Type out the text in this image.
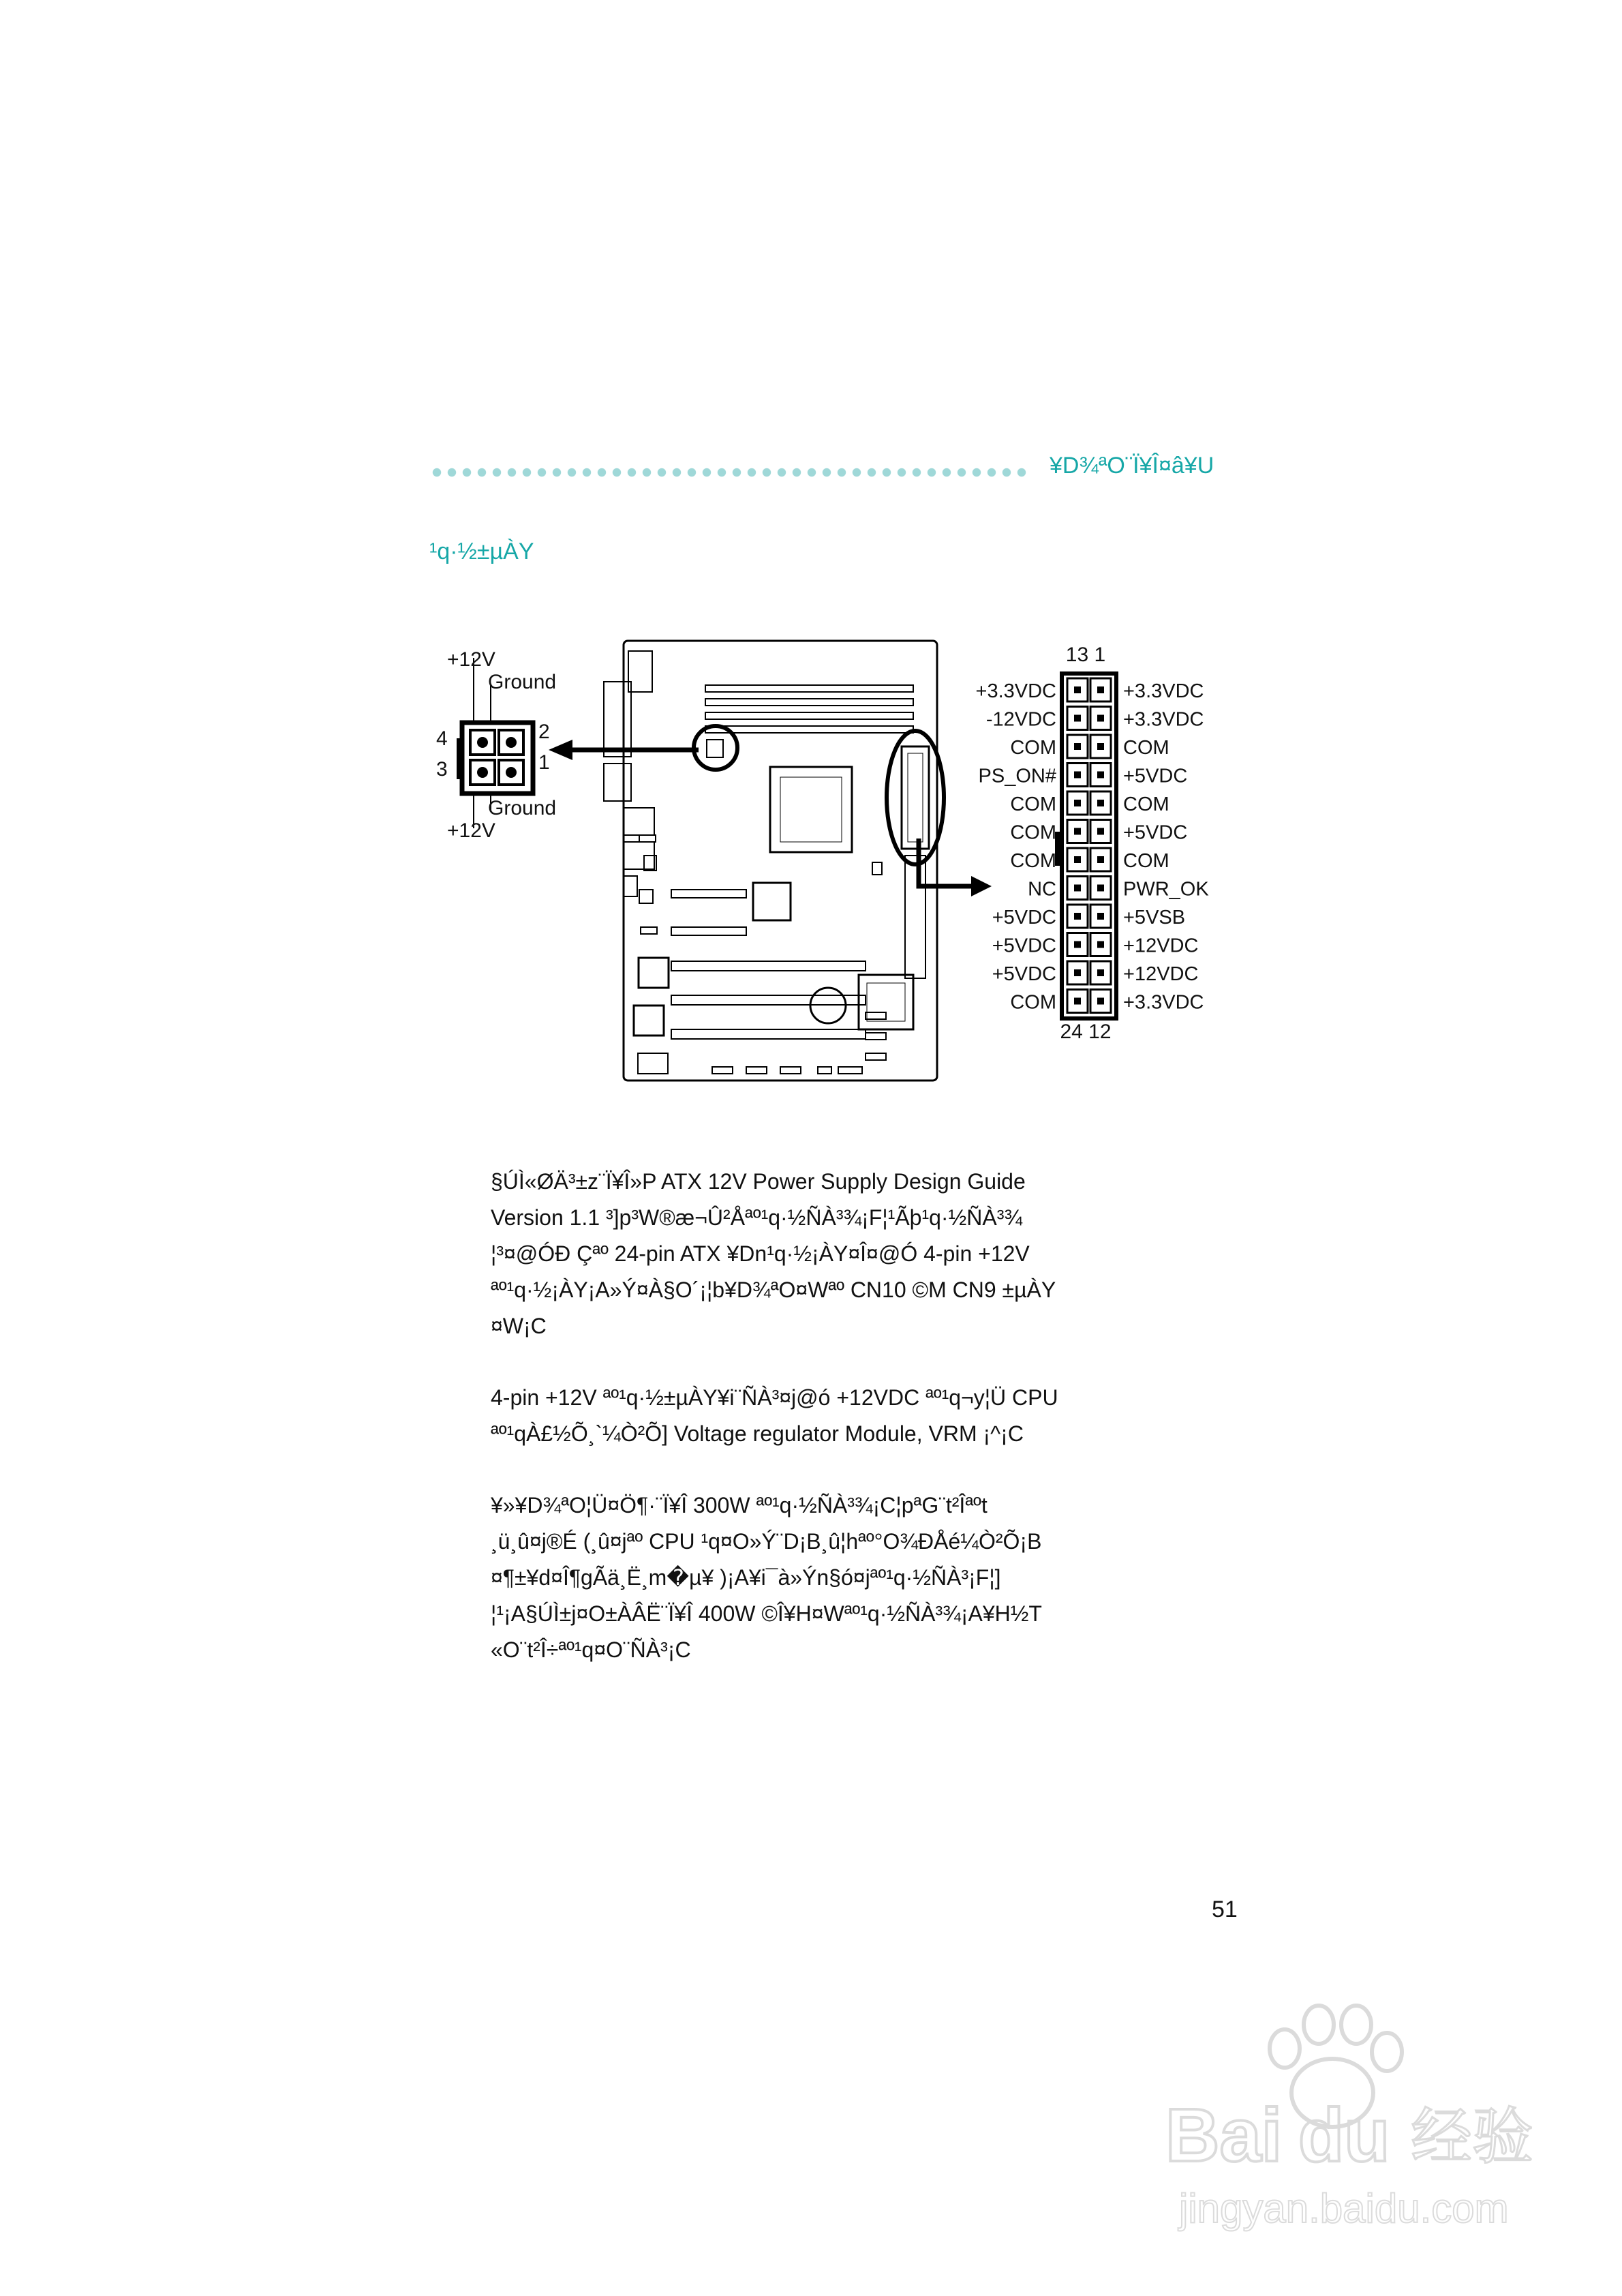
¥D¾ªO¨Ï¥Î¤â¥U
¹q·½±µÀY
+12V
Ground
Ground
+12V
4
3
2
1
13 1
24 12
+3.3VDC
-12VDC
COM
PS_ON#
COM
COM
COM
NC
+5VDC
+5VDC
+5VDC
COM
+3.3VDC
+3.3VDC
COM
+5VDC
COM
+5VDC
COM
PWR_OK
+5VSB
+12VDC
+12VDC
+3.3VDC

§ÚÌ«ØÄ³±z¨Ï¥Î»P ATX 12V Power Supply Design Guide

Version 1.1 ³]p³W®æ¬Û²Åªº¹q·½ÑÀ³¾¡F¦¹Ãþ¹q·½ÑÀ³¾

¦³¤@ÓÐ Çªº 24-pin ATX ¥Dn¹q·½¡ÀY¤Î¤@Ó 4-pin +12V

ªº¹q·½¡ÀY¡A»Ý¤À§O´¡¦b¥D¾ªO¤Wªº CN10 ©M CN9 ±µÀY

¤W¡C

4-pin +12V ªº¹q·½±µÀY¥i¨ÑÀ³¤j@ó +12VDC ªº¹q¬y¦Ü CPU

ªº¹qÀ£½Õ¸`¼Ò²Õ] Voltage regulator Module, VRM ¡^¡C

¥»¥D¾ªO¦Ü¤Ö¶·¨Ï¥Î 300W ªº¹q·½ÑÀ³¾¡C¦pªG¨t²Îªºt

¸ü¸û¤j®É (¸û¤jªº CPU ¹q¤O»Ý¨D¡B¸û¦hªº°O¾ÐÅé¼Ò²Õ¡B

¤¶±¥d¤Î¶gÃä¸Ë¸m�µ¥ )¡A¥i¯à»Ýn§ó¤jªº¹q·½ÑÀ³¡F¦]

¦¹¡A§ÚÌ±j¤O±ÀÂË¨Ï¥Î 400W ©Î¥H¤Wªº¹q·½ÑÀ³¾¡A¥H½T

«O¨t²Î÷ªº¹q¤O¨ÑÀ³¡C

51
Bai du 经验
jingyan.baidu.com
